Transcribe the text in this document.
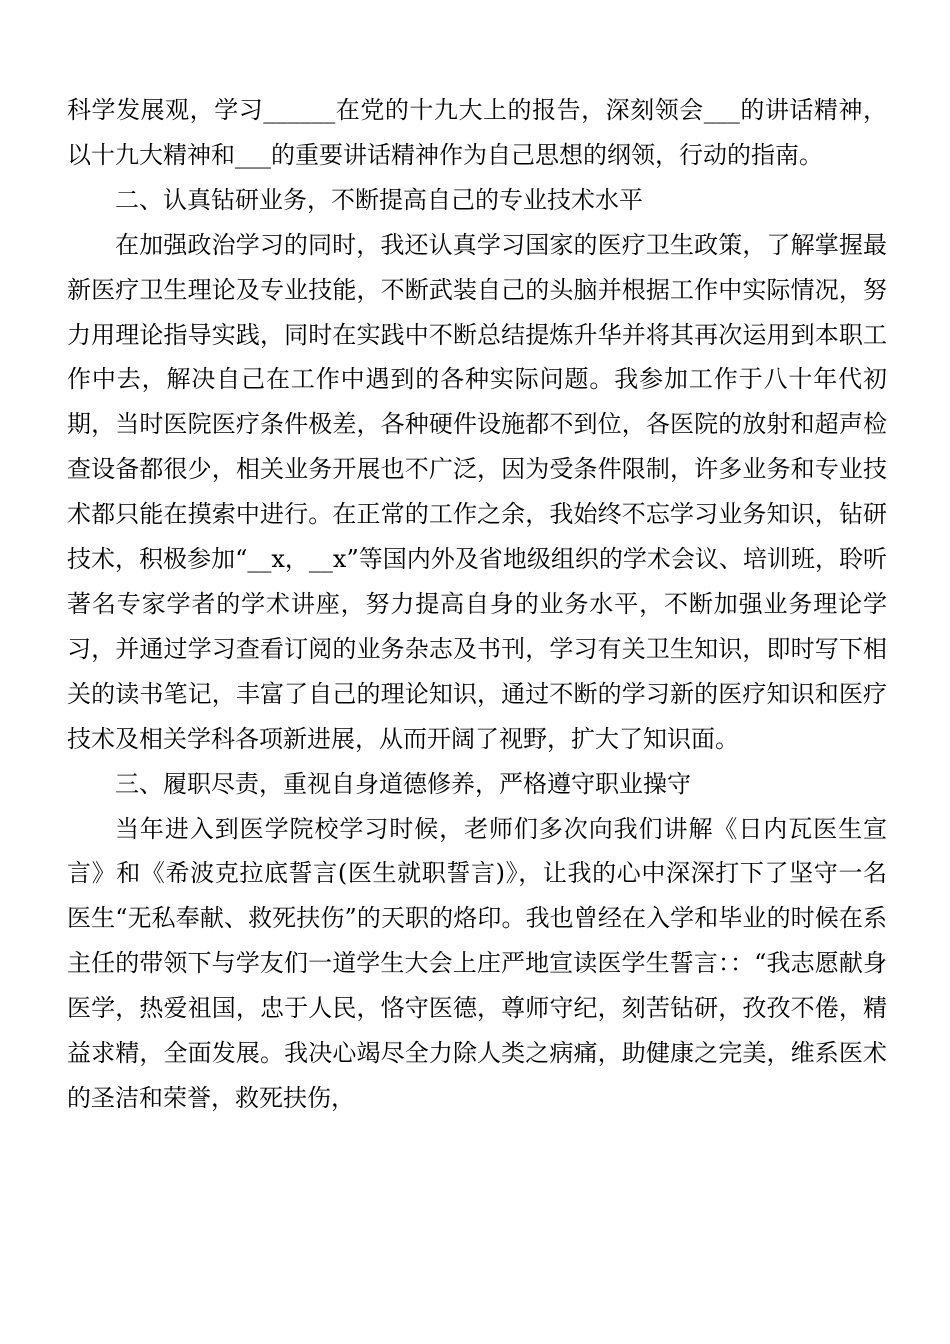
科学发展观，学习______在党的十九大上的报告，深刻领会___的讲话精神，以十九大精神和___的重要讲话精神作为自己思想的纲领，行动的指南。

二、认真钻研业务，不断提高自己的专业技术水平

在加强政治学习的同时，我还认真学习国家的医疗卫生政策，了解掌握最新医疗卫生理论及专业技能，不断武装自己的头脑并根据工作中实际情况，努力用理论指导实践，同时在实践中不断总结提炼升华并将其再次运用到本职工作中去，解决自己在工作中遇到的各种实际问题。我参加工作于八十年代初期，当时医院医疗条件极差，各种硬件设施都不到位，各医院的放射和超声检查设备都很少，相关业务开展也不广泛，因为受条件限制，许多业务和专业技术都只能在摸索中进行。在正常的工作之余，我始终不忘学习业务知识，钻研技术，积极参加“__x，__x”等国内外及省地级组织的学术会议、培训班，聆听著名专家学者的学术讲座，努力提高自身的业务水平，不断加强业务理论学习，并通过学习查看订阅的业务杂志及书刊，学习有关卫生知识，即时写下相关的读书笔记，丰富了自己的理论知识，通过不断的学习新的医疗知识和医疗技术及相关学科各项新进展，从而开阔了视野，扩大了知识面。

三、履职尽责，重视自身道德修养，严格遵守职业操守

当年进入到医学院校学习时候，老师们多次向我们讲解《日内瓦医生宣言》和《希波克拉底誓言(医生就职誓言)》，让我的心中深深打下了坚守一名医生“无私奉献、救死扶伤”的天职的烙印。我也曾经在入学和毕业的时候在系主任的带领下与学友们一道学生大会上庄严地宣读医学生誓言：：“我志愿献身医学，热爱祖国，忠于人民，恪守医德，尊师守纪，刻苦钻研，孜孜不倦，精益求精，全面发展。我决心竭尽全力除人类之病痛，助健康之完美，维系医术的圣洁和荣誉，救死扶伤，
